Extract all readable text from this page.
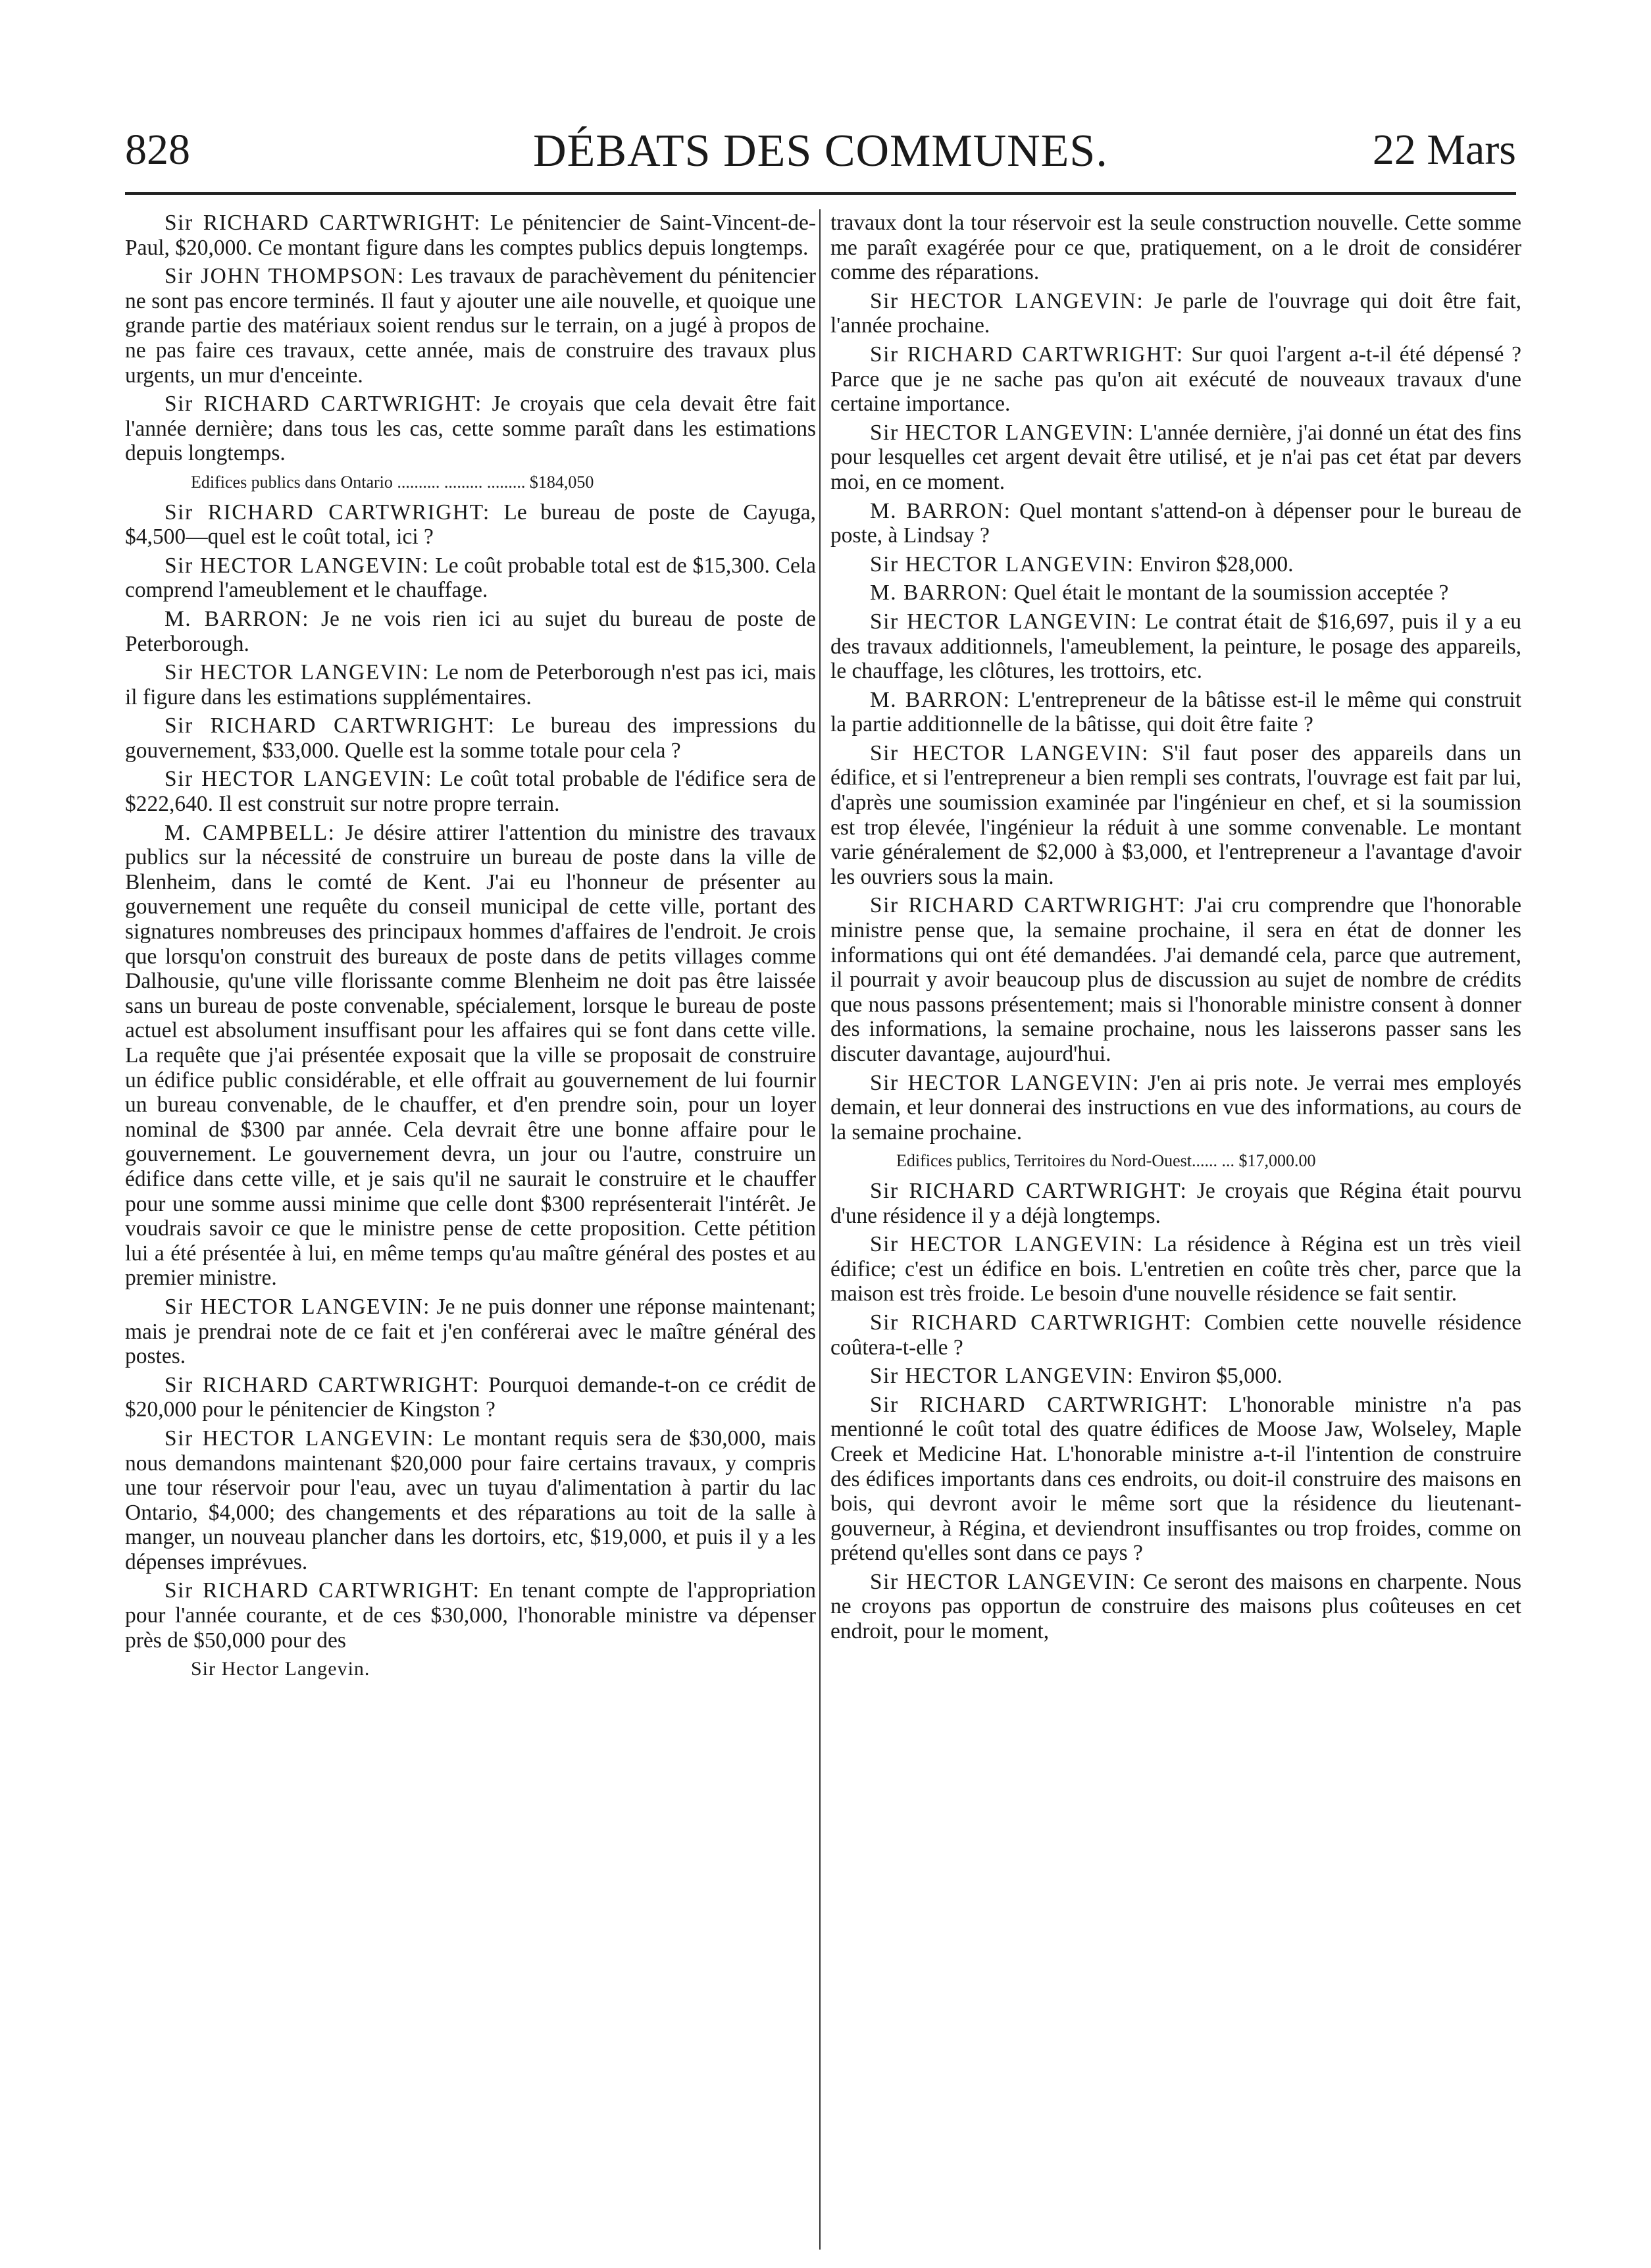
828	DÉBATS DES COMMUNES.	22 Mars

Sir RICHARD CARTWRIGHT: Le pénitencier de Saint-Vincent-de-Paul, $20,000. Ce montant figure dans les comptes publics depuis longtemps.

Sir JOHN THOMPSON: Les travaux de parachèvement du pénitencier ne sont pas encore terminés. Il faut y ajouter une aile nouvelle, et quoique une grande partie des matériaux soient rendus sur le terrain, on a jugé à propos de ne pas faire ces travaux, cette année, mais de construire des travaux plus urgents, un mur d'enceinte.

Sir RICHARD CARTWRIGHT: Je croyais que cela devait être fait l'année dernière; dans tous les cas, cette somme paraît dans les estimations depuis longtemps.

Edifices publics dans Ontario .......... ......... ......... $184,050

Sir RICHARD CARTWRIGHT: Le bureau de poste de Cayuga, $4,500—quel est le coût total, ici ?

Sir HECTOR LANGEVIN: Le coût probable total est de $15,300. Cela comprend l'ameublement et le chauffage.

M. BARRON: Je ne vois rien ici au sujet du bureau de poste de Peterborough.

Sir HECTOR LANGEVIN: Le nom de Peterborough n'est pas ici, mais il figure dans les estimations supplémentaires.

Sir RICHARD CARTWRIGHT: Le bureau des impressions du gouvernement, $33,000. Quelle est la somme totale pour cela ?

Sir HECTOR LANGEVIN: Le coût total probable de l'édifice sera de $222,640. Il est construit sur notre propre terrain.

M. CAMPBELL: Je désire attirer l'attention du ministre des travaux publics sur la nécessité de construire un bureau de poste dans la ville de Blenheim, dans le comté de Kent. J'ai eu l'honneur de présenter au gouvernement une requête du conseil municipal de cette ville, portant des signatures nombreuses des principaux hommes d'affaires de l'endroit. Je crois que lorsqu'on construit des bureaux de poste dans de petits villages comme Dalhousie, qu'une ville florissante comme Blenheim ne doit pas être laissée sans un bureau de poste convenable, spécialement, lorsque le bureau de poste actuel est absolument insuffisant pour les affaires qui se font dans cette ville. La requête que j'ai présentée exposait que la ville se proposait de construire un édifice public considérable, et elle offrait au gouvernement de lui fournir un bureau convenable, de le chauffer, et d'en prendre soin, pour un loyer nominal de $300 par année. Cela devrait être une bonne affaire pour le gouvernement. Le gouvernement devra, un jour ou l'autre, construire un édifice dans cette ville, et je sais qu'il ne saurait le construire et le chauffer pour une somme aussi minime que celle dont $300 représenterait l'intérêt. Je voudrais savoir ce que le ministre pense de cette proposition. Cette pétition lui a été présentée à lui, en même temps qu'au maître général des postes et au premier ministre.

Sir HECTOR LANGEVIN: Je ne puis donner une réponse maintenant; mais je prendrai note de ce fait et j'en conférerai avec le maître général des postes.

Sir RICHARD CARTWRIGHT: Pourquoi demande-t-on ce crédit de $20,000 pour le pénitencier de Kingston ?

Sir HECTOR LANGEVIN: Le montant requis sera de $30,000, mais nous demandons maintenant $20,000 pour faire certains travaux, y compris une tour réservoir pour l'eau, avec un tuyau d'alimentation à partir du lac Ontario, $4,000; des changements et des réparations au toit de la salle à manger, un nouveau plancher dans les dortoirs, etc, $19,000, et puis il y a les dépenses imprévues.

Sir RICHARD CARTWRIGHT: En tenant compte de l'appropriation pour l'année courante, et de ces $30,000, l'honorable ministre va dépenser près de $50,000 pour des

Sir Hector Langevin.

travaux dont la tour réservoir est la seule construction nouvelle. Cette somme me paraît exagérée pour ce que, pratiquement, on a le droit de considérer comme des réparations.

Sir HECTOR LANGEVIN: Je parle de l'ouvrage qui doit être fait, l'année prochaine.

Sir RICHARD CARTWRIGHT: Sur quoi l'argent a-t-il été dépensé ? Parce que je ne sache pas qu'on ait exécuté de nouveaux travaux d'une certaine importance.

Sir HECTOR LANGEVIN: L'année dernière, j'ai donné un état des fins pour lesquelles cet argent devait être utilisé, et je n'ai pas cet état par devers moi, en ce moment.

M. BARRON: Quel montant s'attend-on à dépenser pour le bureau de poste, à Lindsay ?

Sir HECTOR LANGEVIN: Environ $28,000.

M. BARRON: Quel était le montant de la soumission acceptée ?

Sir HECTOR LANGEVIN: Le contrat était de $16,697, puis il y a eu des travaux additionnels, l'ameublement, la peinture, le posage des appareils, le chauffage, les clôtures, les trottoirs, etc.

M. BARRON: L'entrepreneur de la bâtisse est-il le même qui construit la partie additionnelle de la bâtisse, qui doit être faite ?

Sir HECTOR LANGEVIN: S'il faut poser des appareils dans un édifice, et si l'entrepreneur a bien rempli ses contrats, l'ouvrage est fait par lui, d'après une soumission examinée par l'ingénieur en chef, et si la soumission est trop élevée, l'ingénieur la réduit à une somme convenable. Le montant varie généralement de $2,000 à $3,000, et l'entrepreneur a l'avantage d'avoir les ouvriers sous la main.

Sir RICHARD CARTWRIGHT: J'ai cru comprendre que l'honorable ministre pense que, la semaine prochaine, il sera en état de donner les informations qui ont été demandées. J'ai demandé cela, parce que autrement, il pourrait y avoir beaucoup plus de discussion au sujet de nombre de crédits que nous passons présentement; mais si l'honorable ministre consent à donner des informations, la semaine prochaine, nous les laisserons passer sans les discuter davantage, aujourd'hui.

Sir HECTOR LANGEVIN: J'en ai pris note. Je verrai mes employés demain, et leur donnerai des instructions en vue des informations, au cours de la semaine prochaine.

Edifices publics, Territoires du Nord-Ouest...... ... $17,000.00

Sir RICHARD CARTWRIGHT: Je croyais que Régina était pourvu d'une résidence il y a déjà longtemps.

Sir HECTOR LANGEVIN: La résidence à Régina est un très vieil édifice; c'est un édifice en bois. L'entretien en coûte très cher, parce que la maison est très froide. Le besoin d'une nouvelle résidence se fait sentir.

Sir RICHARD CARTWRIGHT: Combien cette nouvelle résidence coûtera-t-elle ?

Sir HECTOR LANGEVIN: Environ $5,000.

Sir RICHARD CARTWRIGHT: L'honorable ministre n'a pas mentionné le coût total des quatre édifices de Moose Jaw, Wolseley, Maple Creek et Medicine Hat. L'honorable ministre a-t-il l'intention de construire des édifices importants dans ces endroits, ou doit-il construire des maisons en bois, qui devront avoir le même sort que la résidence du lieutenant-gouverneur, à Régina, et deviendront insuffisantes ou trop froides, comme on prétend qu'elles sont dans ce pays ?

Sir HECTOR LANGEVIN: Ce seront des maisons en charpente. Nous ne croyons pas opportun de construire des maisons plus coûteuses en cet endroit, pour le moment,
